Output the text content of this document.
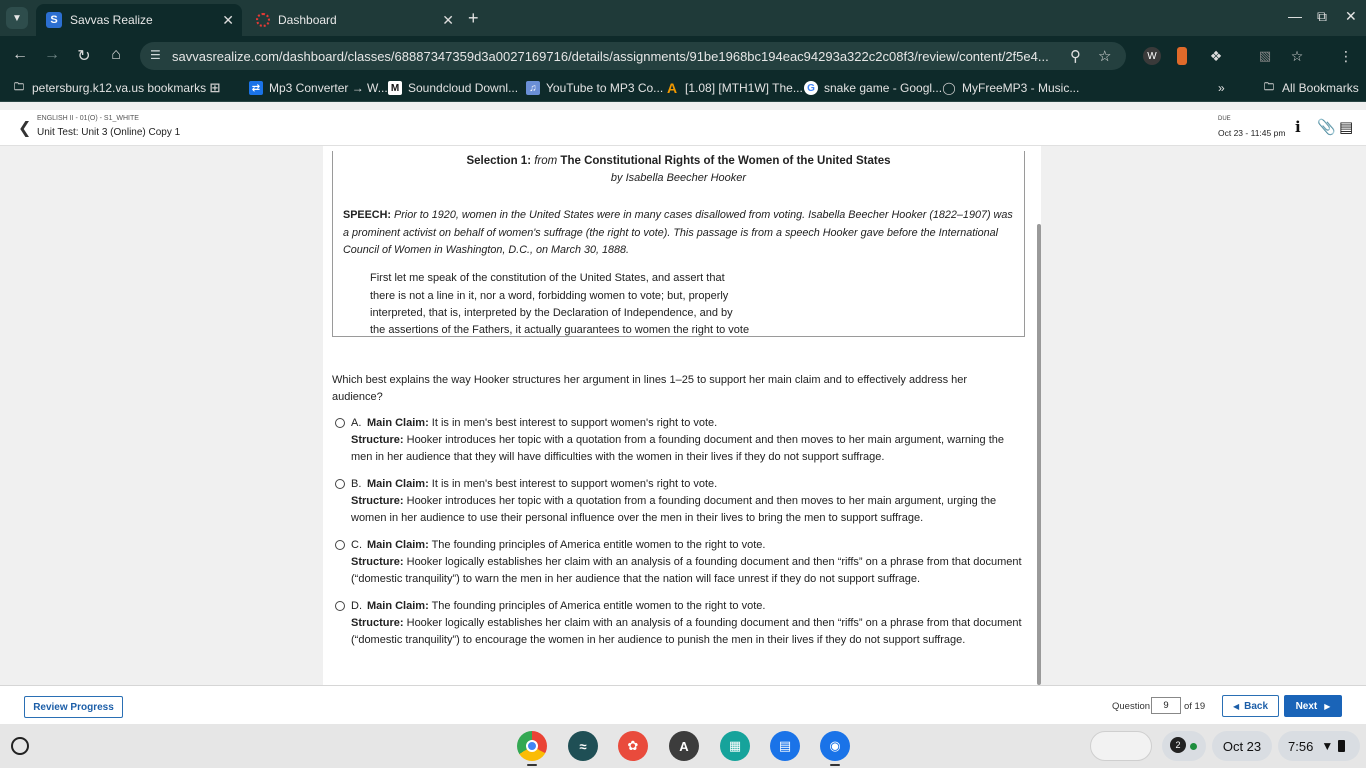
▼	S	Savvas Realize	✕	Dashboard	✕ +	— ⧉ ✕
← → ↻	⌂	☰ savvasrealize.com/dashboard/classes/68887347359d3a0027169716/details/assignments/91be1968bc194eac94293a322c2c08f3/review/content/2f5e4... ⚲ ☆	W	❖	▧ ☆	⋮
🗀 petersburg.k12.va.us bookmarks ⊞	⇄ Mp3 Converter → W... M Soundcloud Downl...	♫ YouTube to MP3 Co... A [1.08] [MTH1W] The... G snake game - Googl... ◯ MyFreeMP3 - Music...	»	🗀 All Bookmarks
❮
ENGLISH II - 01(O) - S1_WHITE
Unit Test: Unit 3 (Online) Copy 1
DUE
Oct 23 - 11:45 pm i 📎 ▤
Selection 1: from The Constitutional Rights of the Women of the United States
by Isabella Beecher Hooker
SPEECH: Prior to 1920, women in the United States were in many cases disallowed from voting. Isabella Beecher Hooker (1822–1907) was a prominent activist on behalf of women's suffrage (the right to vote). This passage is from a speech Hooker gave before the International Council of Women in Washington, D.C., on March 30, 1888.
First let me speak of the constitution of the United States, and assert that
there is not a line in it, nor a word, forbidding women to vote; but, properly
interpreted, that is, interpreted by the Declaration of Independence, and by
the assertions of the Fathers, it actually guarantees to women the right to vote
Which best explains the way Hooker structures her argument in lines 1–25 to support her main claim and to effectively address her audience?
A. Main Claim: It is in men's best interest to support women's right to vote.
Structure: Hooker introduces her topic with a quotation from a founding document and then moves to her main argument, warning the men in her audience that they will have difficulties with the women in their lives if they do not support suffrage.
B. Main Claim: It is in men's best interest to support women's right to vote.
Structure: Hooker introduces her topic with a quotation from a founding document and then moves to her main argument, urging the women in her audience to use their personal influence over the men in their lives to bring the men to support suffrage.
C. Main Claim: The founding principles of America entitle women to the right to vote.
Structure: Hooker logically establishes her claim with an analysis of a founding document and then “riffs” on a phrase from that document (“domestic tranquility”) to warn the men in her audience that the nation will face unrest if they do not support suffrage.
D. Main Claim: The founding principles of America entitle women to the right to vote.
Structure: Hooker logically establishes her claim with an analysis of a founding document and then “riffs” on a phrase from that document (“domestic tranquility”) to encourage the women in her audience to punish the men in their lives if they do not support suffrage.
Review Progress	Question
9	of 19	◀ Back	Next ▶
≈	✿	A	▦	▤	◉	2	Oct 23 7:56 ▼
